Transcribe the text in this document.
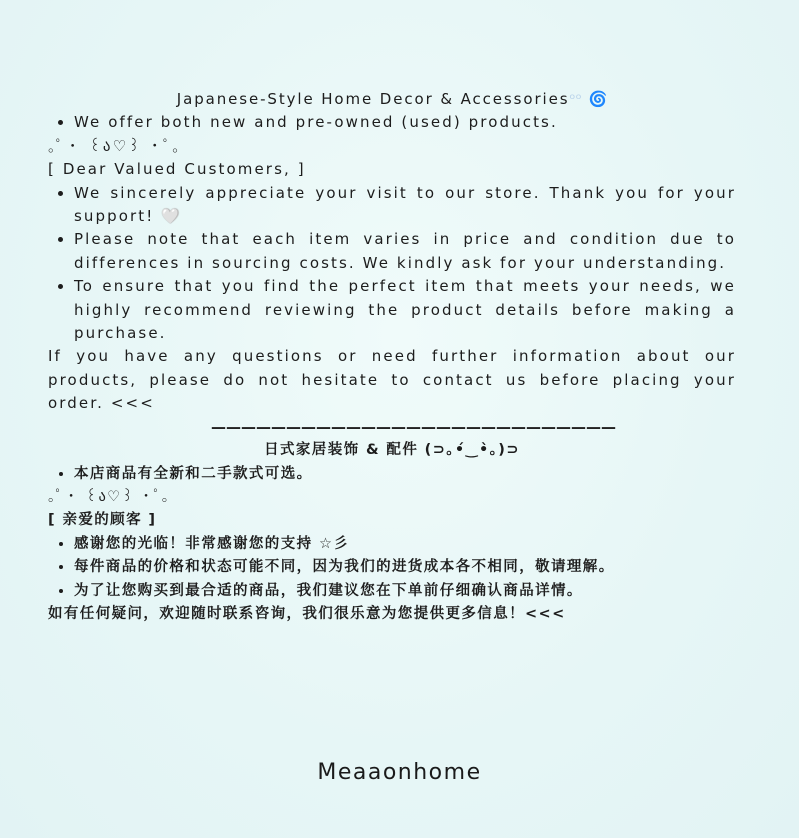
Japanese-Style Home Decor & Accessoriesᵒᵒ 🌀
• We offer both new and pre-owned (used) products.
｡ﾟ・ ꒰ა♡꒱ ・ﾟ｡
[ Dear Valued Customers, ]
• We sincerely appreciate your visit to our store. Thank you for your support! 🤍
• Please note that each item varies in price and condition due to differences in sourcing costs. We kindly ask for your understanding.
• To ensure that you find the perfect item that meets your needs, we highly recommend reviewing the product details before making a purchase.
If you have any questions or need further information about our products, please do not hesitate to contact us before placing your order. <<<
———————————————————————————
日式家居装饰 & 配件 (⊃｡•́‿•̀｡)⊃
• 本店商品有全新和二手款式可选。
｡ﾟ・ ꒰ა♡꒱ ・ﾟ｡
[ 亲爱的顾客 ]
• 感谢您的光临！非常感谢您的支持 ☆彡
• 每件商品的价格和状态可能不同，因为我们的进货成本各不相同，敬请理解。
• 为了让您购买到最合适的商品，我们建议您在下单前仔细确认商品详情。
如有任何疑问，欢迎随时联系咨询，我们很乐意为您提供更多信息！<<<
Meaaonhome
